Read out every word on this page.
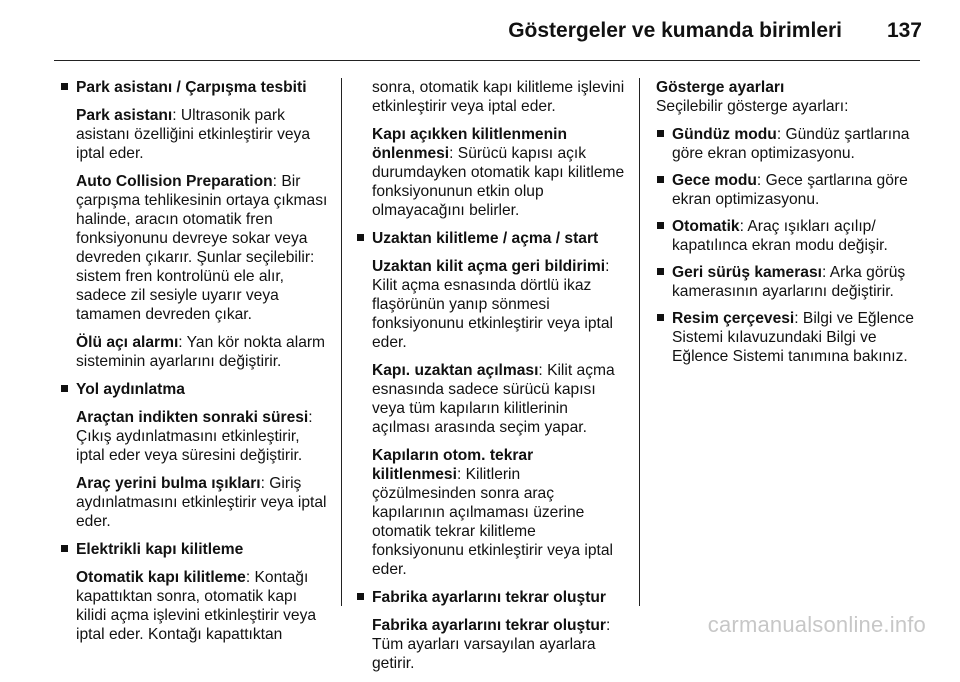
Göstergeler ve kumanda birimleri	137

Park asistanı / Çarpışma tesbiti

Park asistanı: Ultrasonik park asistanı özelliğini etkinleştirir veya iptal eder.

Auto Collision Preparation: Bir çarpışma tehlikesinin ortaya çıkması halinde, aracın otomatik fren fonksiyonunu devreye sokar veya devreden çıkarır. Şunlar seçilebilir: sistem fren kontrolünü ele alır, sadece zil sesiyle uyarır veya tamamen devreden çıkar.

Ölü açı alarmı: Yan kör nokta alarm sisteminin ayarlarını değiştirir.

Yol aydınlatma

Araçtan indikten sonraki süresi: Çıkış aydınlatmasını etkinleştirir, iptal eder veya süresini değiştirir.

Araç yerini bulma ışıkları: Giriş aydınlatmasını etkinleştirir veya iptal eder.

Elektrikli kapı kilitleme

Otomatik kapı kilitleme: Kontağı kapattıktan sonra, otomatik kapı kilidi açma işlevini etkinleştirir veya iptal eder. Kontağı kapattıktan

sonra, otomatik kapı kilitleme işlevini etkinleştirir veya iptal eder.

Kapı açıkken kilitlenmenin önlenmesi: Sürücü kapısı açık durumdayken otomatik kapı kilitleme fonksiyonunun etkin olup olmayacağını belirler.

Uzaktan kilitleme / açma / start

Uzaktan kilit açma geri bildirimi: Kilit açma esnasında dörtlü ikaz flaşörünün yanıp sönmesi fonksiyonunu etkinleştirir veya iptal eder.

Kapı. uzaktan açılması: Kilit açma esnasında sadece sürücü kapısı veya tüm kapıların kilitlerinin açılması arasında seçim yapar.

Kapıların otom. tekrar kilitlenmesi: Kilitlerin çözülmesinden sonra araç kapılarının açılmaması üzerine otomatik tekrar kilitleme fonksiyonunu etkinleştirir veya iptal eder.

Fabrika ayarlarını tekrar oluştur

Fabrika ayarlarını tekrar oluştur: Tüm ayarları varsayılan ayarlara getirir.

Gösterge ayarları

Seçilebilir gösterge ayarları:

Gündüz modu: Gündüz şartlarına göre ekran optimizasyonu.

Gece modu: Gece şartlarına göre ekran optimizasyonu.

Otomatik: Araç ışıkları açılıp/ kapatılınca ekran modu değişir.

Geri sürüş kamerası: Arka görüş kamerasının ayarlarını değiştirir.

Resim çerçevesi: Bilgi ve Eğlence Sistemi kılavuzundaki Bilgi ve Eğlence Sistemi tanımına bakınız.

carmanualsonline.info
